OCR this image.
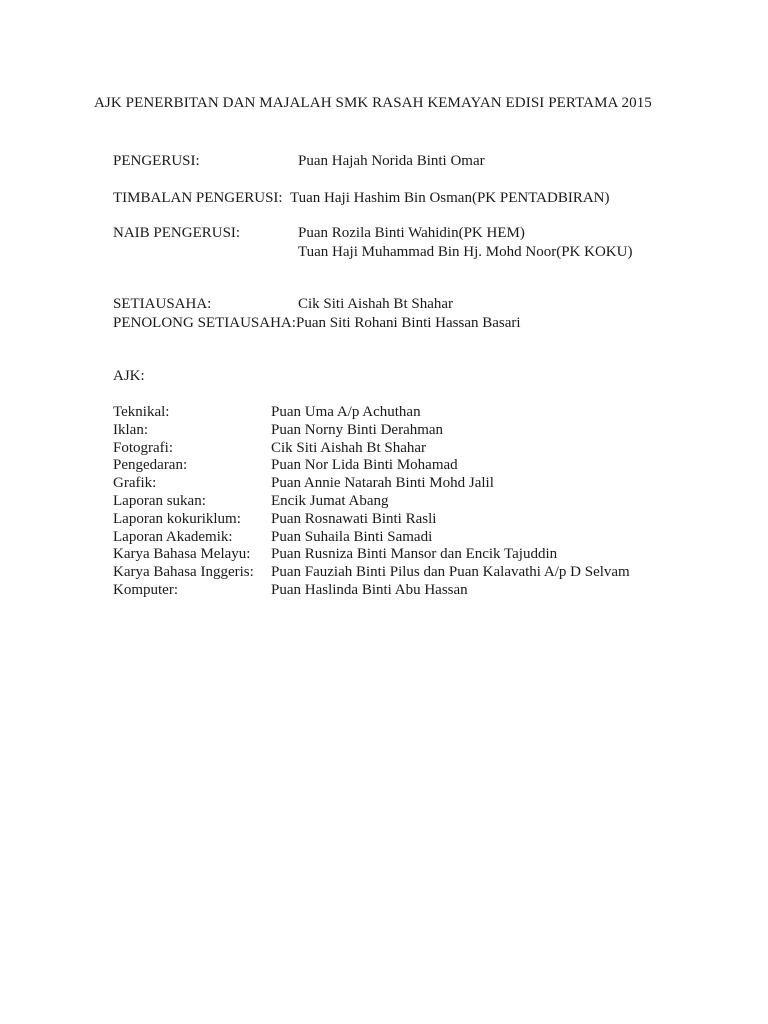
AJK PENERBITAN DAN MAJALAH SMK RASAH KEMAYAN EDISI PERTAMA 2015
PENGERUSI:	Puan Hajah Norida Binti Omar
TIMBALAN PENGERUSI: Tuan Haji Hashim Bin Osman(PK PENTADBIRAN)
NAIB PENGERUSI:	Puan Rozila Binti Wahidin(PK HEM)
Tuan Haji Muhammad Bin Hj. Mohd Noor(PK KOKU)
SETIAUSAHA:	Cik Siti Aishah Bt Shahar
PENOLONG SETIAUSAHA: Puan Siti Rohani Binti Hassan Basari
AJK:
Teknikal:	Puan Uma A/p Achuthan
Iklan:	Puan Norny Binti Derahman
Fotografi:	Cik Siti Aishah Bt Shahar
Pengedaran:	Puan Nor Lida Binti Mohamad
Grafik:	Puan Annie Natarah Binti Mohd Jalil
Laporan sukan:	Encik Jumat Abang
Laporan kokuriklum: Puan Rosnawati Binti Rasli
Laporan Akademik:	Puan Suhaila Binti Samadi
Karya Bahasa Melayu: Puan Rusniza Binti Mansor dan Encik Tajuddin
Karya Bahasa Inggeris: Puan Fauziah Binti Pilus dan Puan Kalavathi A/p D Selvam
Komputer:	Puan Haslinda Binti Abu Hassan
